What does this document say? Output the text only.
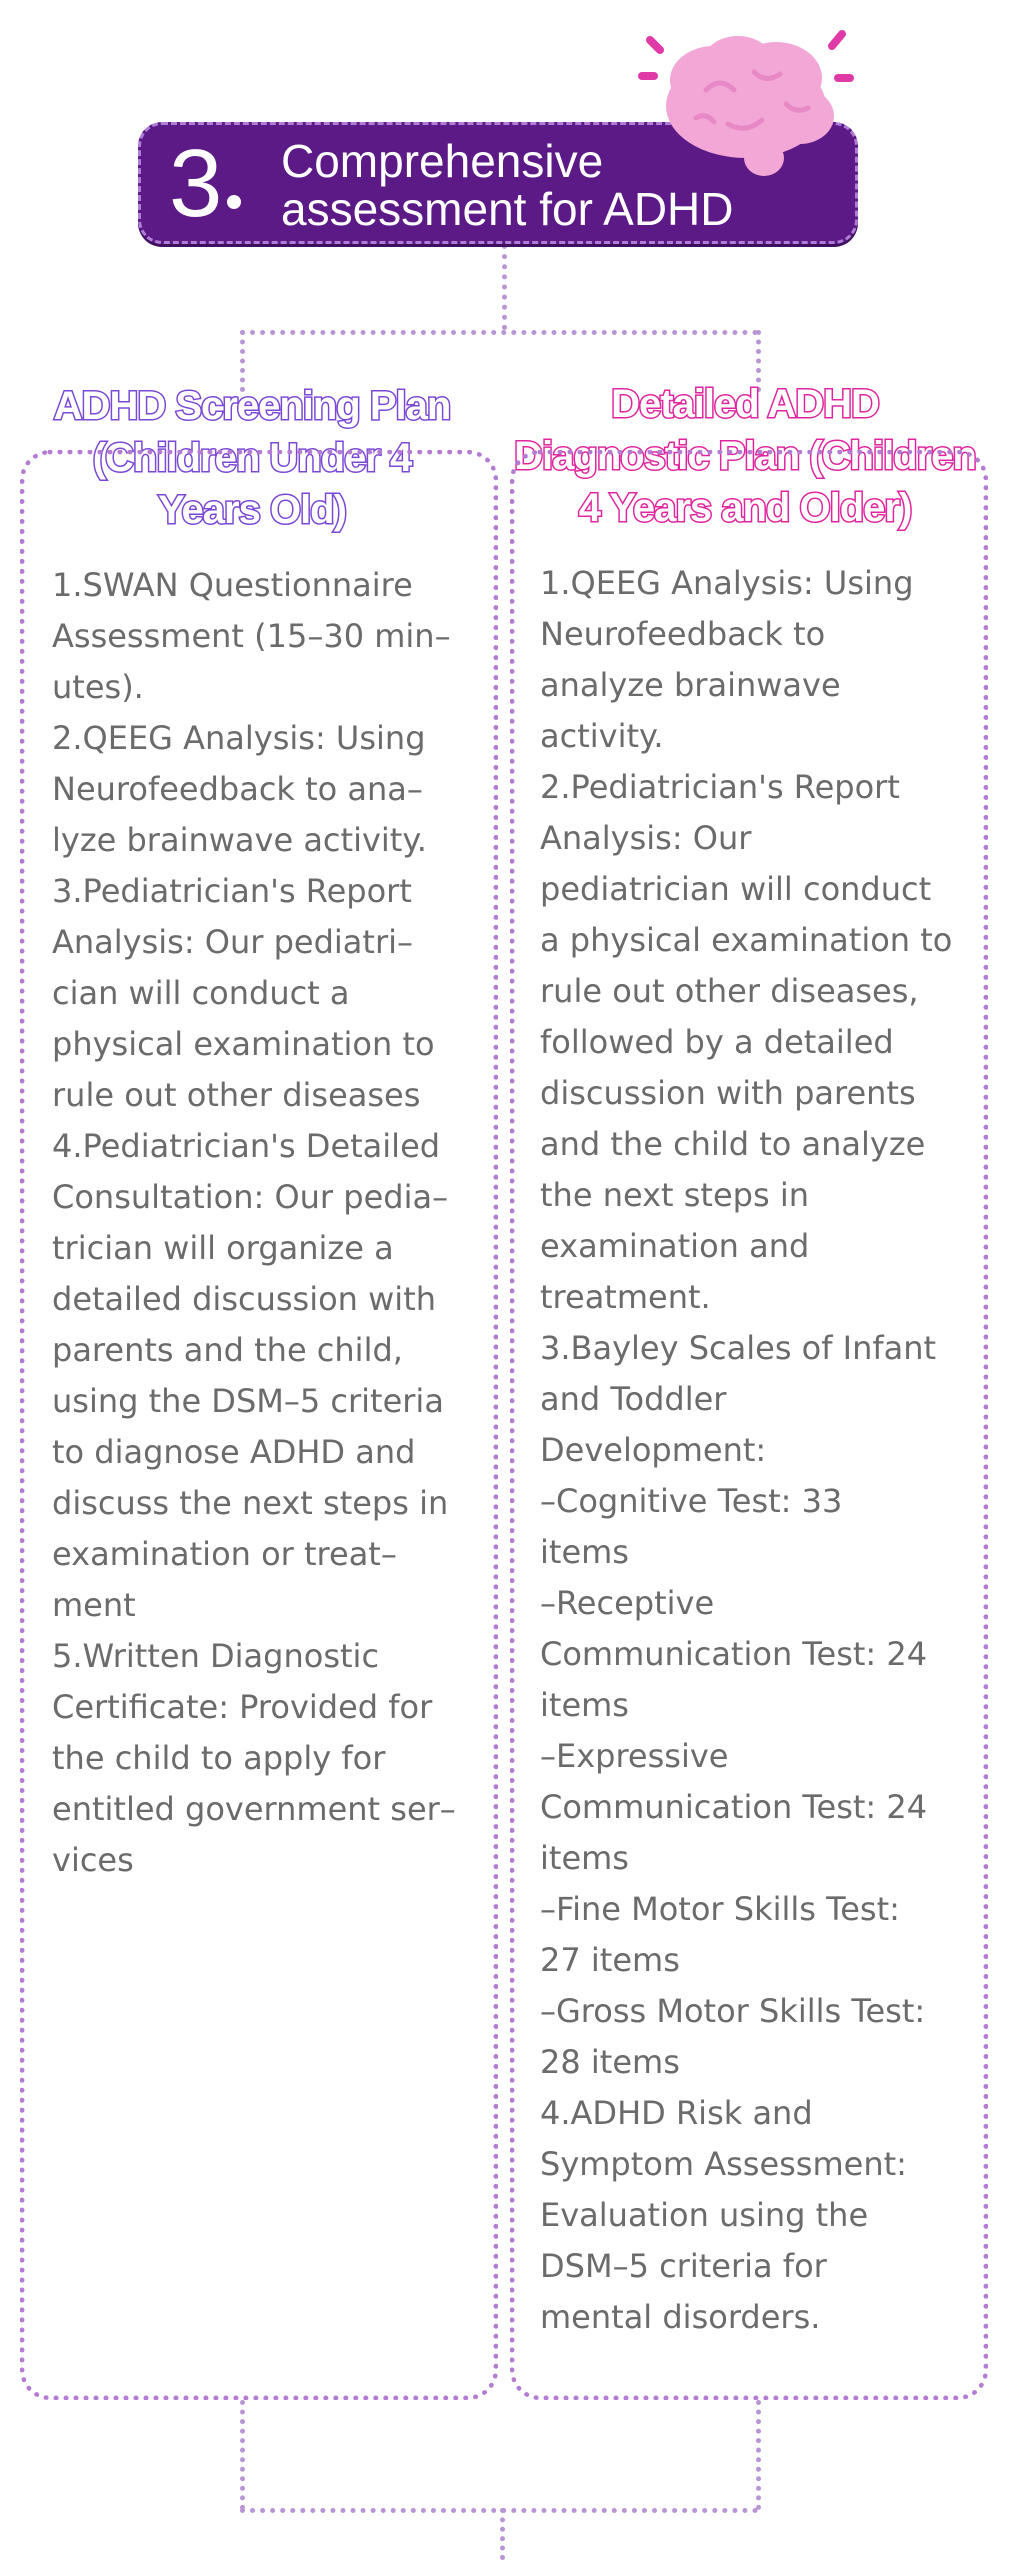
3 Comprehensive
assessment for ADHD
ADHD Screening Plan
(Children Under 4
Years Old)
Detailed ADHD
Diagnostic Plan (Children
4 Years and Older)

1.SWAN Questionnaire
Assessment (15–30 min–
utes).
2.QEEG Analysis: Using
Neurofeedback to ana–
lyze brainwave activity.
3.Pediatrician's Report
Analysis: Our pediatri–
cian will conduct a
physical examination to
rule out other diseases
4.Pediatrician's Detailed
Consultation: Our pedia–
trician will organize a
detailed discussion with
parents and the child,
using the DSM–5 criteria
to diagnose ADHD and
discuss the next steps in
examination or treat–
ment
5.Written Diagnostic
Certificate: Provided for
the child to apply for
entitled government ser–
vices

1.QEEG Analysis: Using
Neurofeedback to
analyze brainwave
activity.
2.Pediatrician's Report
Analysis: Our
pediatrician will conduct
a physical examination to
rule out other diseases,
followed by a detailed
discussion with parents
and the child to analyze
the next steps in
examination and
treatment.
3.Bayley Scales of Infant
and Toddler
Development:
–Cognitive Test: 33
items
–Receptive
Communication Test: 24
items
–Expressive
Communication Test: 24
items
–Fine Motor Skills Test:
27 items
–Gross Motor Skills Test:
28 items
4.ADHD Risk and
Symptom Assessment:
Evaluation using the
DSM–5 criteria for
mental disorders.
